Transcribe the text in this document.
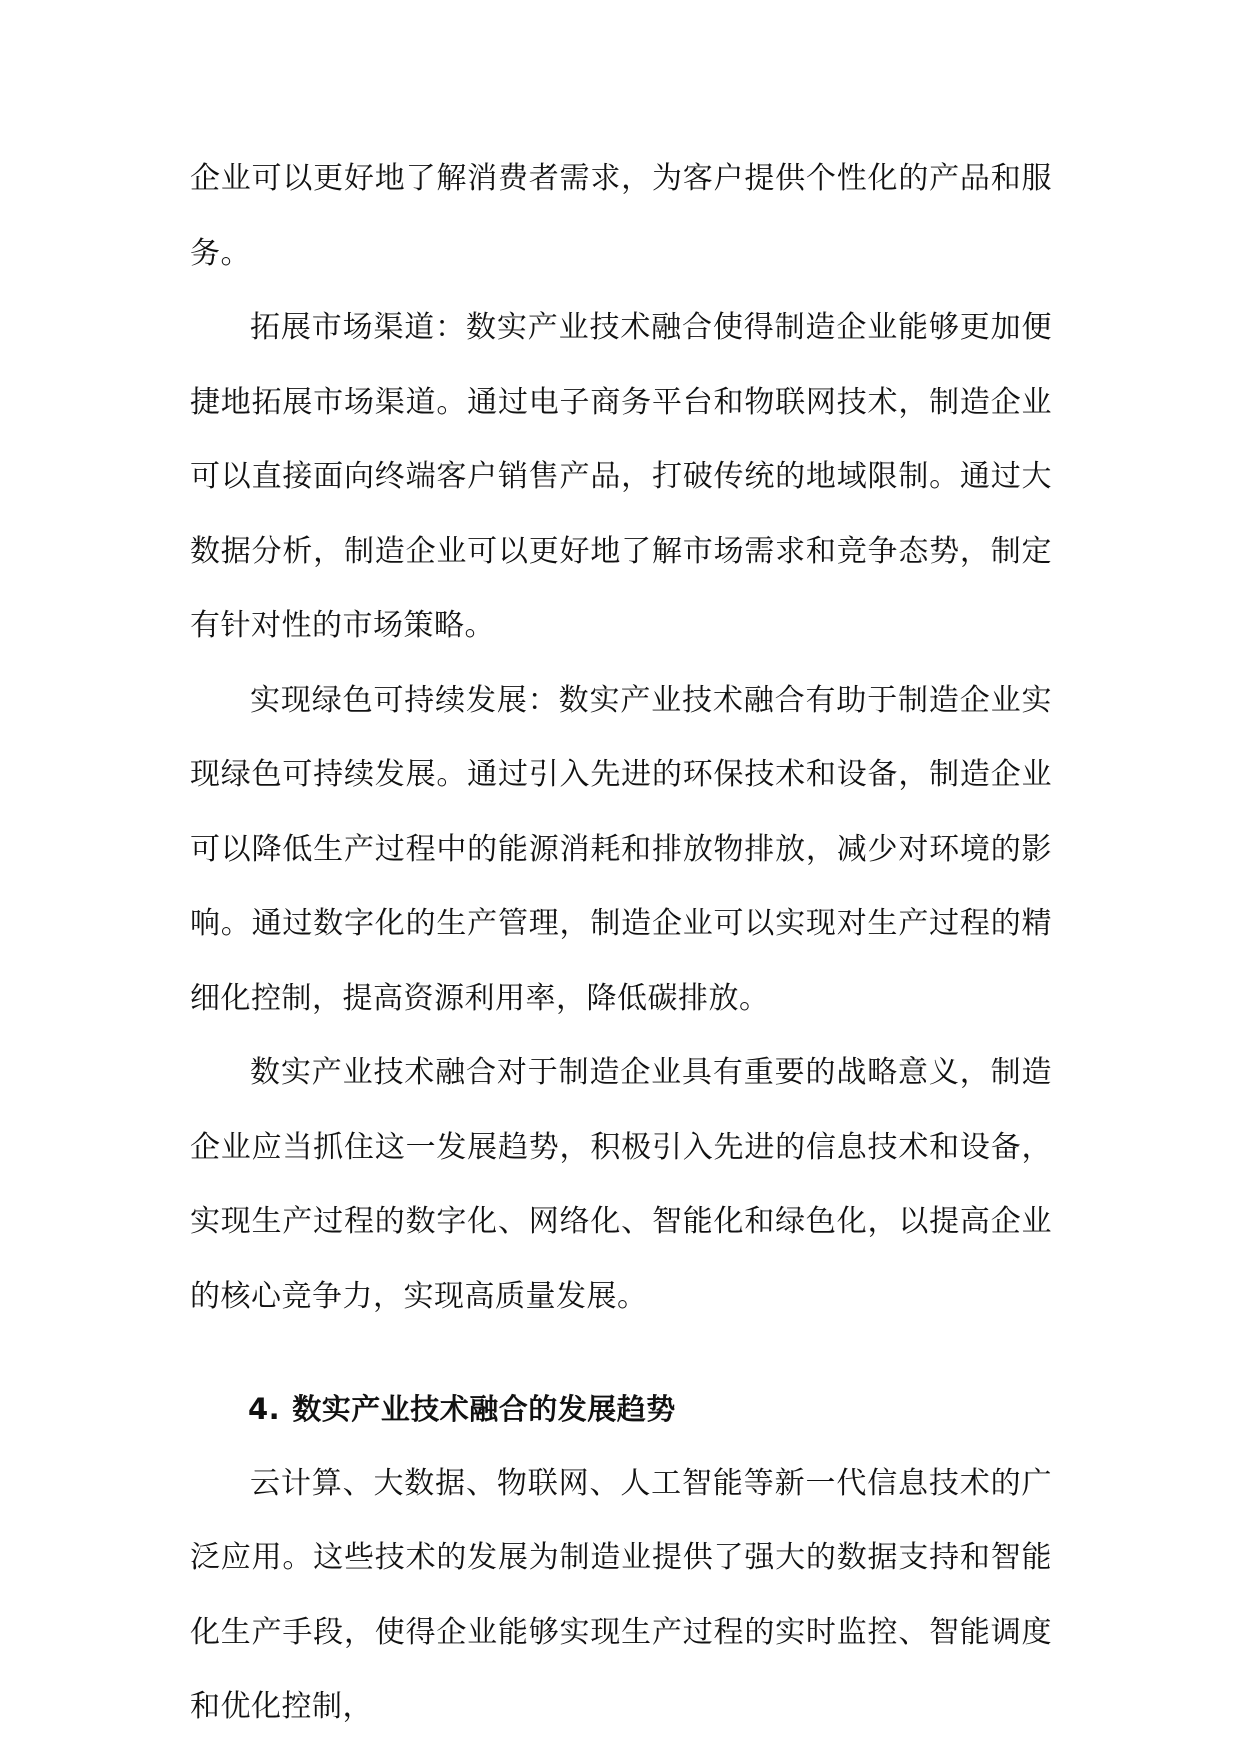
企业可以更好地了解消费者需求，为客户提供个性化的产品和服务。

拓展市场渠道：数实产业技术融合使得制造企业能够更加便捷地拓展市场渠道。通过电子商务平台和物联网技术，制造企业可以直接面向终端客户销售产品，打破传统的地域限制。通过大数据分析，制造企业可以更好地了解市场需求和竞争态势，制定有针对性的市场策略。

实现绿色可持续发展：数实产业技术融合有助于制造企业实现绿色可持续发展。通过引入先进的环保技术和设备，制造企业可以降低生产过程中的能源消耗和排放物排放，减少对环境的影响。通过数字化的生产管理，制造企业可以实现对生产过程的精细化控制，提高资源利用率，降低碳排放。

数实产业技术融合对于制造企业具有重要的战略意义，制造企业应当抓住这一发展趋势，积极引入先进的信息技术和设备，实现生产过程的数字化、网络化、智能化和绿色化，以提高企业的核心竞争力，实现高质量发展。

4. 数实产业技术融合的发展趋势

云计算、大数据、物联网、人工智能等新一代信息技术的广泛应用。这些技术的发展为制造业提供了强大的数据支持和智能化生产手段，使得企业能够实现生产过程的实时监控、智能调度和优化控制，
